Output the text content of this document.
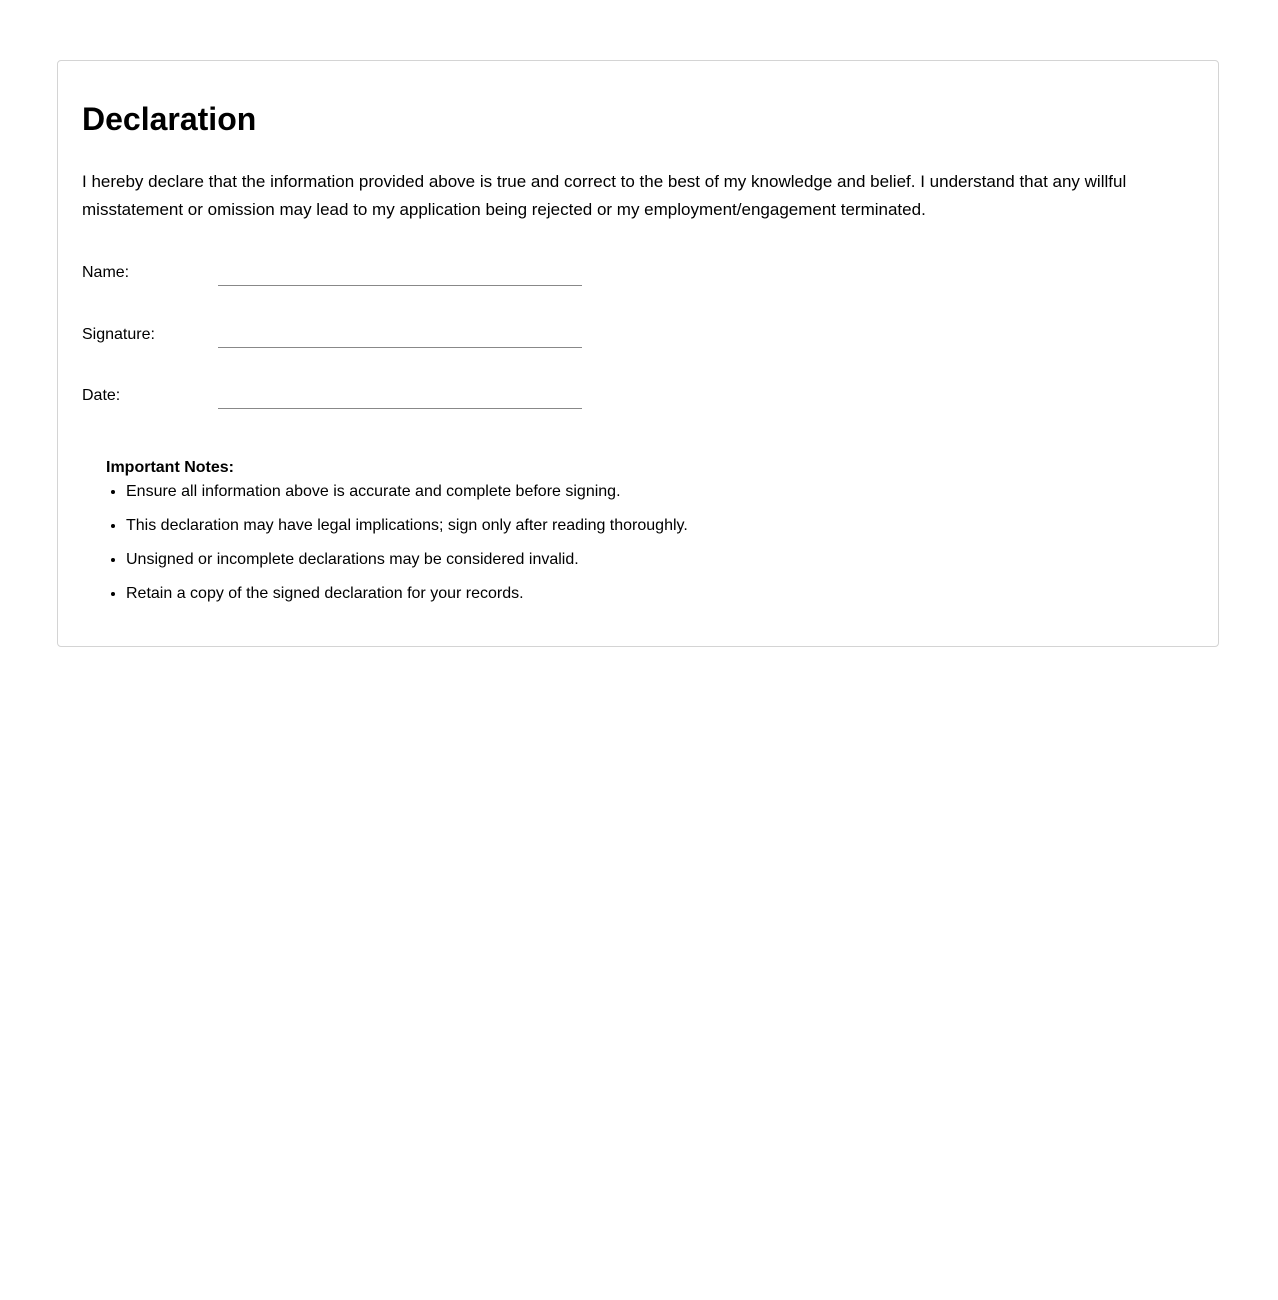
Declaration

I hereby declare that the information provided above is true and correct to the best of my knowledge and belief. I understand that any willful misstatement or omission may lead to my application being rejected or my employment/engagement terminated.

Name:
Signature:
Date:

Important Notes:

• Ensure all information above is accurate and complete before signing.
• This declaration may have legal implications; sign only after reading thoroughly.
• Unsigned or incomplete declarations may be considered invalid.
• Retain a copy of the signed declaration for your records.
